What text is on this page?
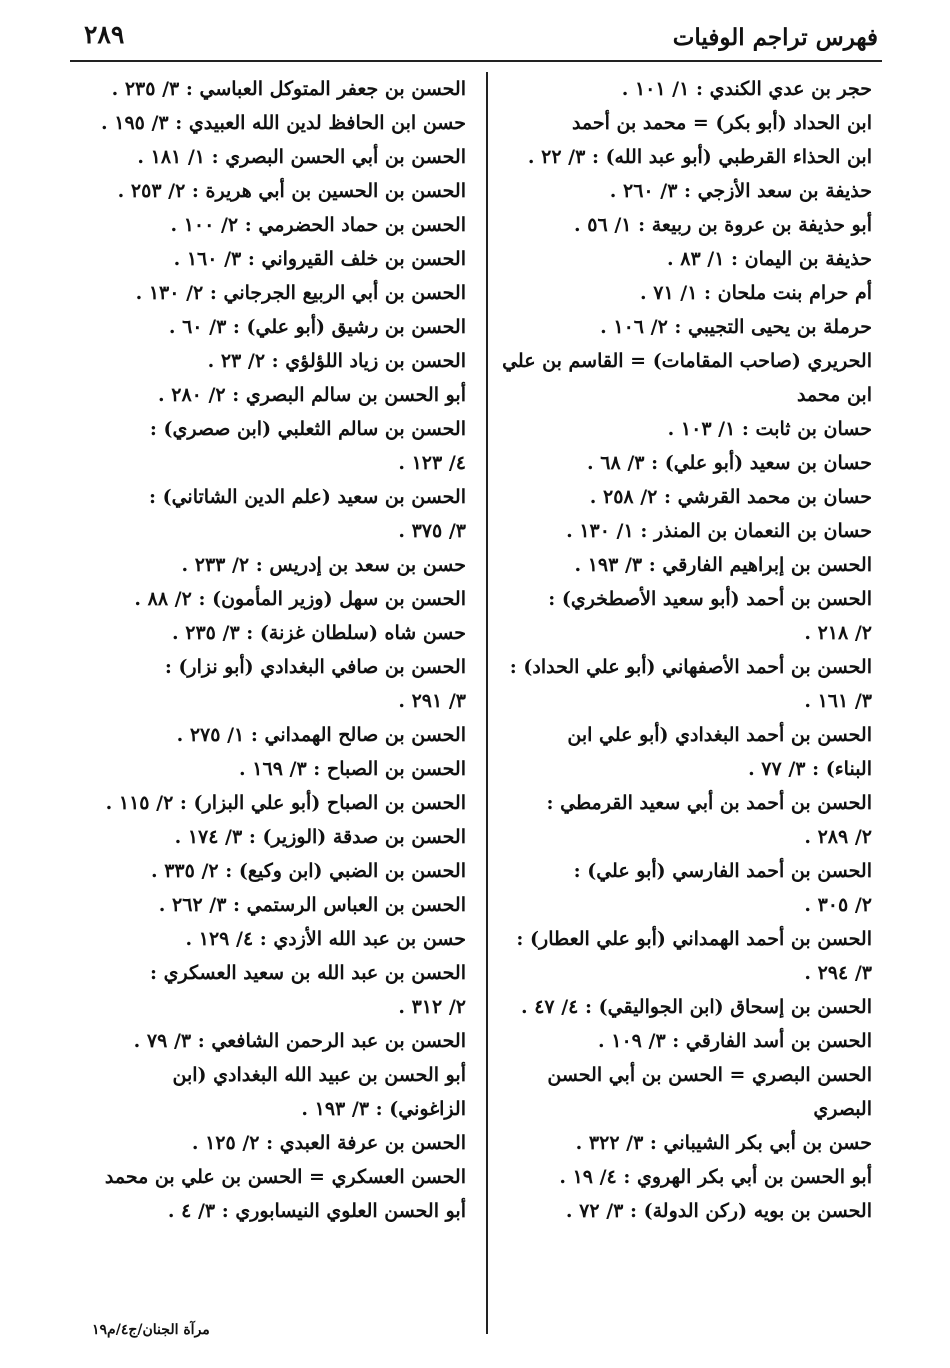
فهرس تراجم الوفيات
٢٨٩
حجر بن عدي الكندي : ١/ ١٠١ .
ابن الحداد (أبو بكر) = محمد بن أحمد
ابن الحذاء القرطبي (أبو عبد الله) : ٣/ ٢٢ .
حذيفة بن سعد الأزجي : ٣/ ٢٦٠ .
أبو حذيفة بن عروة بن ربيعة : ١/ ٥٦ .
حذيفة بن اليمان : ١/ ٨٣ .
أم حرام بنت ملحان : ١/ ٧١ .
حرملة بن يحيى التجيبي : ٢/ ١٠٦ .
الحريري (صاحب المقامات) = القاسم بن علي
ابن محمد
حسان بن ثابت : ١/ ١٠٣ .
حسان بن سعيد (أبو علي) : ٣/ ٦٨ .
حسان بن محمد القرشي : ٢/ ٢٥٨ .
حسان بن النعمان بن المنذر : ١/ ١٣٠ .
الحسن بن إبراهيم الفارقي : ٣/ ١٩٣ .
الحسن بن أحمد (أبو سعيد الأصطخري) :
٢/ ٢١٨ .
الحسن بن أحمد الأصفهاني (أبو علي الحداد) :
٣/ ١٦١ .
الحسن بن أحمد البغدادي (أبو علي ابن
البناء) : ٣/ ٧٧ .
الحسن بن أحمد بن أبي سعيد القرمطي :
٢/ ٢٨٩ .
الحسن بن أحمد الفارسي (أبو علي) :
٢/ ٣٠٥ .
الحسن بن أحمد الهمداني (أبو علي العطار) :
٣/ ٢٩٤ .
الحسن بن إسحاق (ابن الجواليقي) : ٤/ ٤٧ .
الحسن بن أسد الفارقي : ٣/ ١٠٩ .
الحسن البصري = الحسن بن أبي الحسن
البصري
حسن بن أبي بكر الشيباني : ٣/ ٣٢٢ .
أبو الحسن بن أبي بكر الهروي : ٤/ ١٩ .
الحسن بن بويه (ركن الدولة) : ٣/ ٧٢ .
الحسن بن جعفر المتوكل العباسي : ٣/ ٢٣٥ .
حسن ابن الحافظ لدين الله العبيدي : ٣/ ١٩٥ .
الحسن بن أبي الحسن البصري : ١/ ١٨١ .
الحسن بن الحسين بن أبي هريرة : ٢/ ٢٥٣ .
الحسن بن حماد الحضرمي : ٢/ ١٠٠ .
الحسن بن خلف القيرواني : ٣/ ١٦٠ .
الحسن بن أبي الربيع الجرجاني : ٢/ ١٣٠ .
الحسن بن رشيق (أبو علي) : ٣/ ٦٠ .
الحسن بن زياد اللؤلؤي : ٢/ ٢٣ .
أبو الحسن بن سالم البصري : ٢/ ٢٨٠ .
الحسن بن سالم الثعلبي (ابن صصري) :
٤/ ١٢٣ .
الحسن بن سعيد (علم الدين الشاتاني) :
٣/ ٣٧٥ .
حسن بن سعد بن إدريس : ٢/ ٢٣٣ .
الحسن بن سهل (وزير المأمون) : ٢/ ٨٨ .
حسن شاه (سلطان غزنة) : ٣/ ٢٣٥ .
الحسن بن صافي البغدادي (أبو نزار) :
٣/ ٢٩١ .
الحسن بن صالح الهمداني : ١/ ٢٧٥ .
الحسن بن الصباح : ٣/ ١٦٩ .
الحسن بن الصباح (أبو علي البزار) : ٢/ ١١٥ .
الحسن بن صدقة (الوزير) : ٣/ ١٧٤ .
الحسن بن الضبي (ابن وكيع) : ٢/ ٣٣٥ .
الحسن بن العباس الرستمي : ٣/ ٢٦٢ .
حسن بن عبد الله الأزدي : ٤/ ١٢٩ .
الحسن بن عبد الله بن سعيد العسكري :
٢/ ٣١٢ .
الحسن بن عبد الرحمن الشافعي : ٣/ ٧٩ .
أبو الحسن بن عبيد الله البغدادي (ابن
الزاغوني) : ٣/ ١٩٣ .
الحسن بن عرفة العبدي : ٢/ ١٢٥ .
الحسن العسكري = الحسن بن علي بن محمد
أبو الحسن العلوي النيسابوري : ٣/ ٤ .
مرآة الجنان/ج٤/م١٩
